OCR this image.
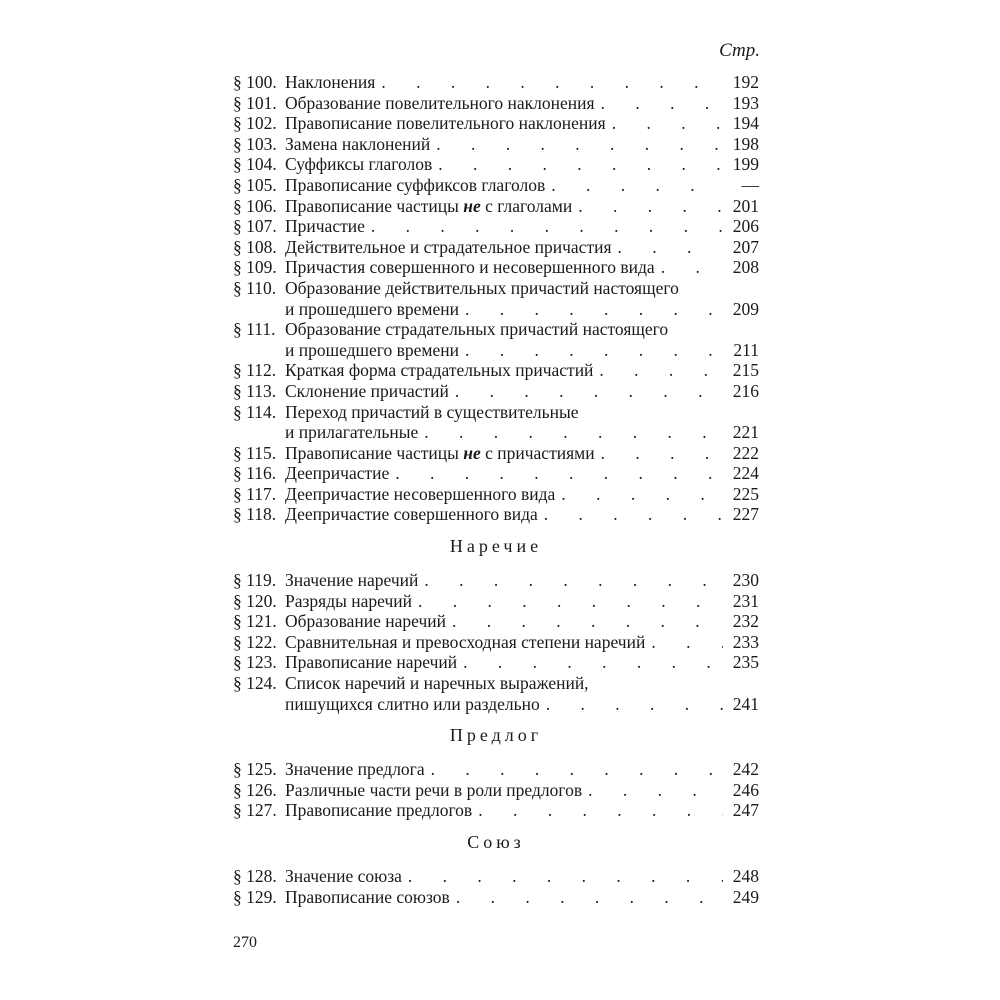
Стр.
§ 100. Наклонения . . .	192
§ 101. Образование повелительного наклонения . . .	193
§ 102. Правописание повелительного наклонения . . .	194
§ 103. Замена наклонений . . .	198
§ 104. Суффиксы глаголов . . .	199
§ 105. Правописание суффиксов глаголов . . .	—
§ 106. Правописание частицы не с глаголами . . .	201
§ 107. Причастие . . .	206
§ 108. Действительное и страдательное причастия . . .	207
§ 109. Причастия совершенного и несовершенного вида . . .	208
§ 110. Образование действительных причастий настоящего
и прошедшего времени . . .	209
§ 111. Образование страдательных причастий настоящего
и прошедшего времени . . .	211
§ 112. Краткая форма страдательных причастий . . .	215
§ 113. Склонение причастий . . .	216
§ 114. Переход причастий в существительные
и прилагательные . . .	221
§ 115. Правописание частицы не с причастиями . . .	222
§ 116. Деепричастие . . .	224
§ 117. Деепричастие несовершенного вида . . .	225
§ 118. Деепричастие совершенного вида . . .	227
Наречие
§ 119. Значение наречий . . .	230
§ 120. Разряды наречий . . .	231
§ 121. Образование наречий . . .	232
§ 122. Сравнительная и превосходная степени наречий . . .	233
§ 123. Правописание наречий . . .	235
§ 124. Список наречий и наречных выражений,
пишущихся слитно или раздельно . . .	241
Предлог
§ 125. Значение предлога . . .	242
§ 126. Различные части речи в роли предлогов . . .	246
§ 127. Правописание предлогов . . .	247
Союз
§ 128. Значение союза . . .	248
§ 129. Правописание союзов . . .	249
270
